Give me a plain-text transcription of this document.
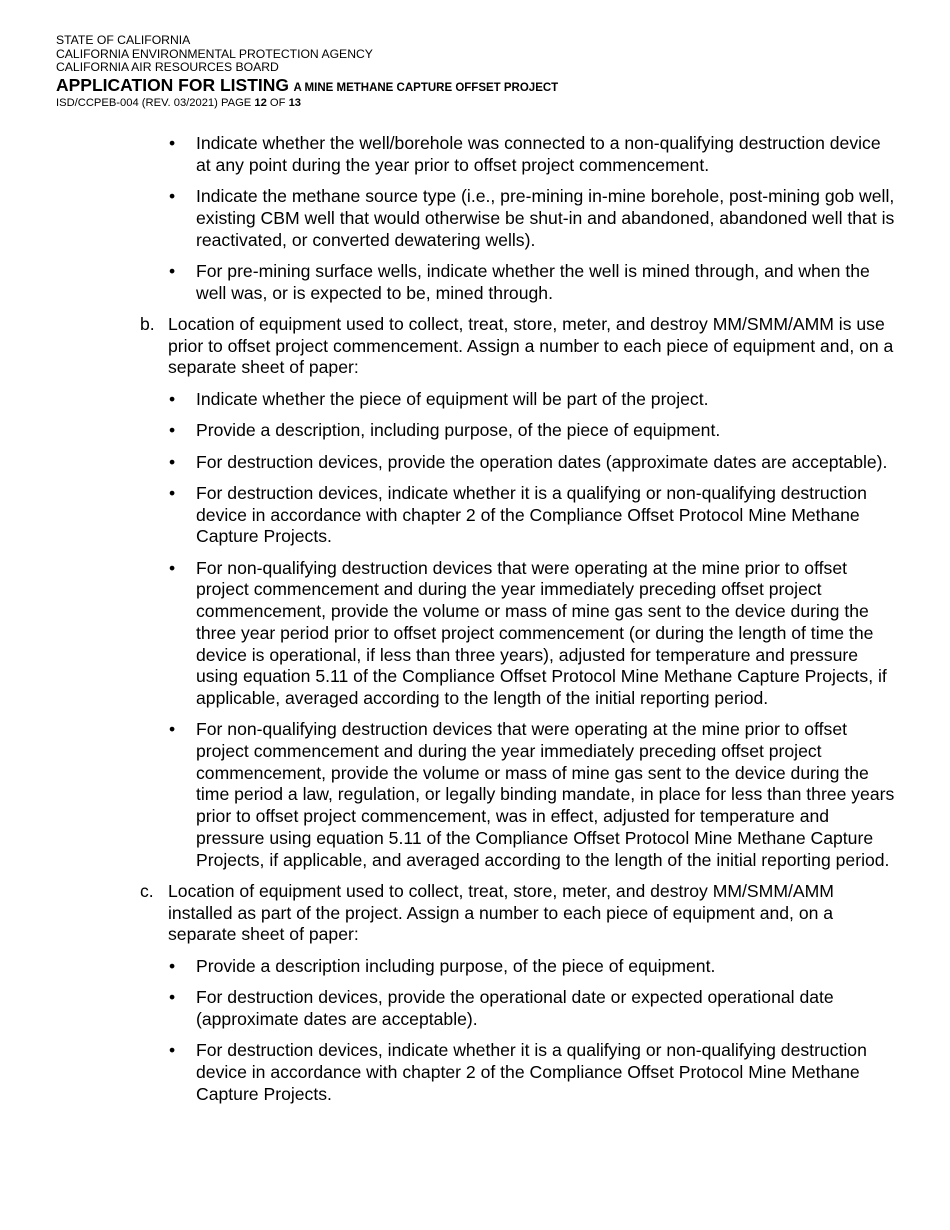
STATE OF CALIFORNIA
CALIFORNIA ENVIRONMENTAL PROTECTION AGENCY
CALIFORNIA AIR RESOURCES BOARD
APPLICATION FOR LISTING A MINE METHANE CAPTURE OFFSET PROJECT
ISD/CCPEB-004 (REV. 03/2021) PAGE 12 OF 13
• Indicate whether the well/borehole was connected to a non-qualifying destruction device at any point during the year prior to offset project commencement.
• Indicate the methane source type (i.e., pre-mining in-mine borehole, post-mining gob well, existing CBM well that would otherwise be shut-in and abandoned, abandoned well that is reactivated, or converted dewatering wells).
• For pre-mining surface wells, indicate whether the well is mined through, and when the well was, or is expected to be, mined through.
b. Location of equipment used to collect, treat, store, meter, and destroy MM/SMM/AMM is use prior to offset project commencement. Assign a number to each piece of equipment and, on a separate sheet of paper:
• Indicate whether the piece of equipment will be part of the project.
• Provide a description, including purpose, of the piece of equipment.
• For destruction devices, provide the operation dates (approximate dates are acceptable).
• For destruction devices, indicate whether it is a qualifying or non-qualifying destruction device in accordance with chapter 2 of the Compliance Offset Protocol Mine Methane Capture Projects.
• For non-qualifying destruction devices that were operating at the mine prior to offset project commencement and during the year immediately preceding offset project commencement, provide the volume or mass of mine gas sent to the device during the three year period prior to offset project commencement (or during the length of time the device is operational, if less than three years), adjusted for temperature and pressure using equation 5.11 of the Compliance Offset Protocol Mine Methane Capture Projects, if applicable, averaged according to the length of the initial reporting period.
• For non-qualifying destruction devices that were operating at the mine prior to offset project commencement and during the year immediately preceding offset project commencement, provide the volume or mass of mine gas sent to the device during the time period a law, regulation, or legally binding mandate, in place for less than three years prior to offset project commencement, was in effect, adjusted for temperature and pressure using equation 5.11 of the Compliance Offset Protocol Mine Methane Capture Projects, if applicable, and averaged according to the length of the initial reporting period.
c. Location of equipment used to collect, treat, store, meter, and destroy MM/SMM/AMM installed as part of the project. Assign a number to each piece of equipment and, on a separate sheet of paper:
• Provide a description including purpose, of the piece of equipment.
• For destruction devices, provide the operational date or expected operational date (approximate dates are acceptable).
• For destruction devices, indicate whether it is a qualifying or non-qualifying destruction device in accordance with chapter 2 of the Compliance Offset Protocol Mine Methane Capture Projects.
